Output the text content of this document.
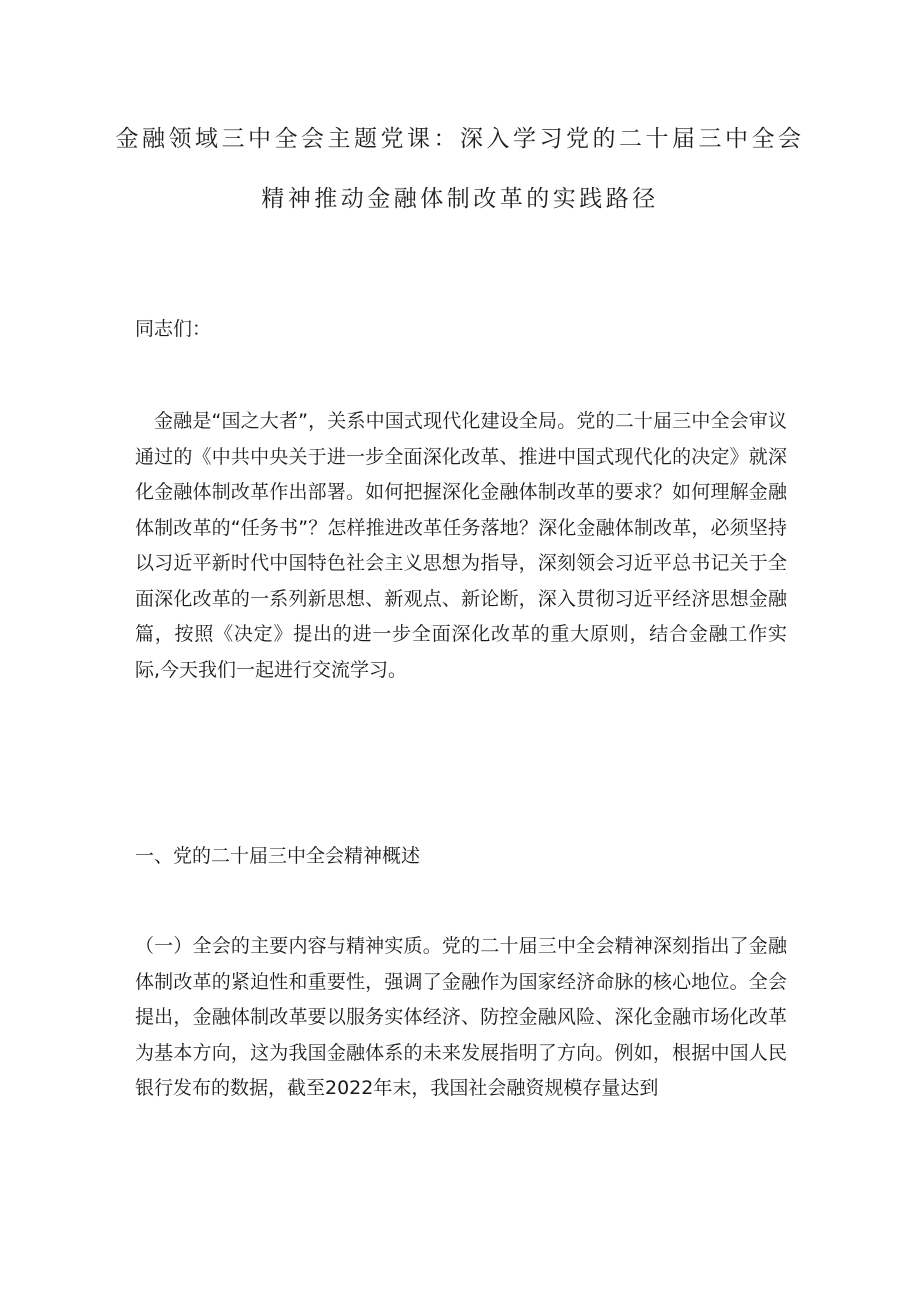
金融领域三中全会主题党课：深入学习党的二十届三中全会
精神推动金融体制改革的实践路径
同志们：
金融是“国之大者”，关系中国式现代化建设全局。党的二十届三中全会审议通过的《中共中央关于进一步全面深化改革、推进中国式现代化的决定》就深化金融体制改革作出部署。如何把握深化金融体制改革的要求？如何理解金融体制改革的“任务书”？怎样推进改革任务落地？深化金融体制改革，必须坚持以习近平新时代中国特色社会主义思想为指导，深刻领会习近平总书记关于全面深化改革的一系列新思想、新观点、新论断，深入贯彻习近平经济思想金融篇，按照《决定》提出的进一步全面深化改革的重大原则，结合金融工作实际,今天我们一起进行交流学习。
一、党的二十届三中全会精神概述
（一）全会的主要内容与精神实质。党的二十届三中全会精神深刻指出了金融体制改革的紧迫性和重要性，强调了金融作为国家经济命脉的核心地位。全会提出，金融体制改革要以服务实体经济、防控金融风险、深化金融市场化改革为基本方向，这为我国金融体系的未来发展指明了方向。例如，根据中国人民银行发布的数据，截至2022年末，我国社会融资规模存量达到
